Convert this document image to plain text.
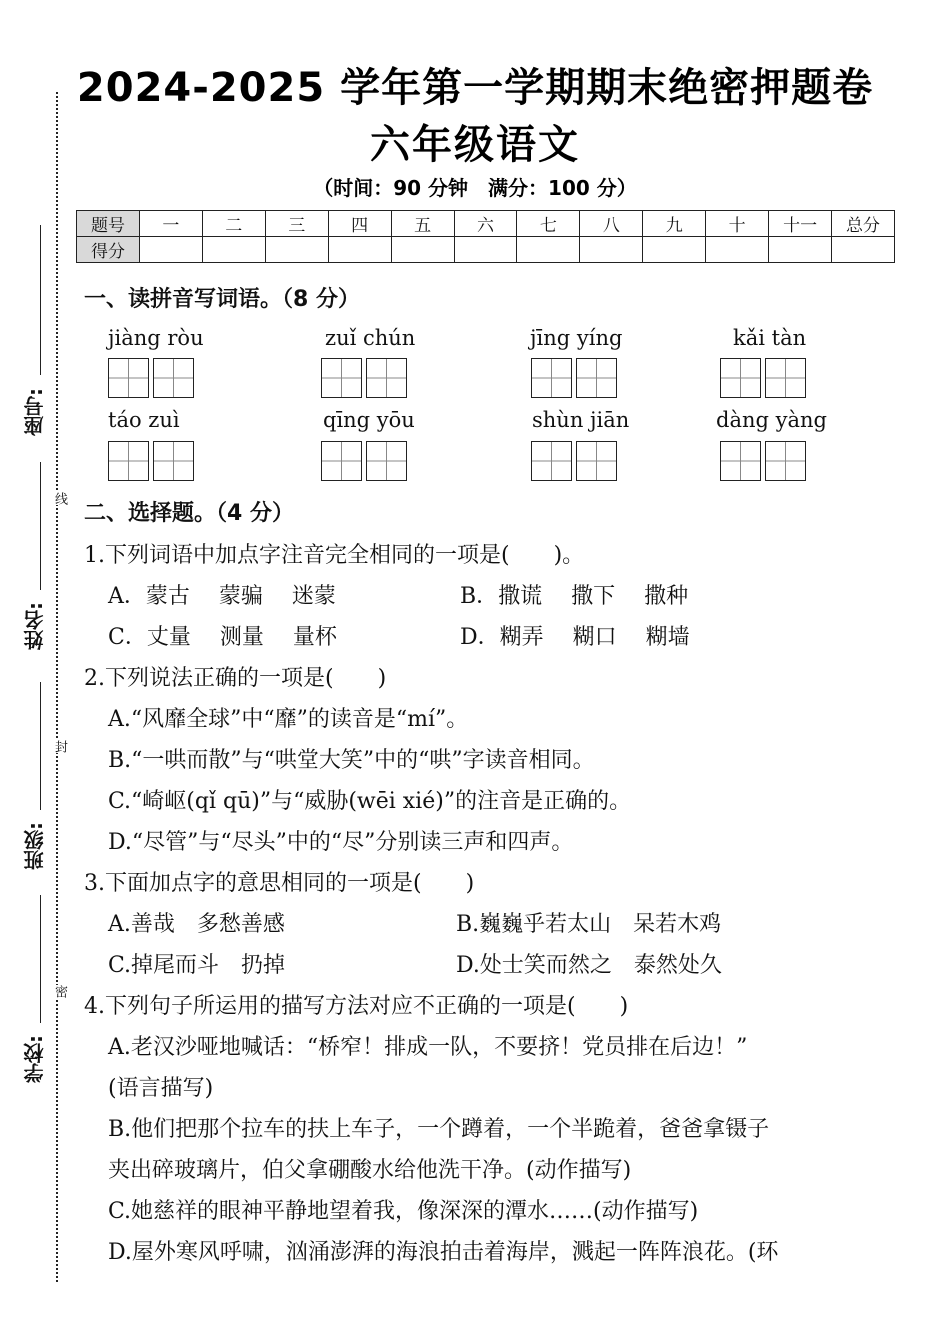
2024-2025 学年第一学期期末绝密押题卷
六年级语文
（时间：90 分钟　满分：100 分）
线
封
密
座号:
姓名:
班级:
学校:
题号	一	二	三	四	五	六	七	八	九	十	十一	总分
得分												
一、读拼音写词语。（8 分）
jiàng ròu	zuǐ chún	jīng yíng	kǎi tàn
táo zuì	qīng yōu	shùn jiān	dàng yàng
二、选择题。（4 分）
1.下列词语中加点字注音完全相同的一项是(　　)。
A．蒙古　 蒙骗　 迷蒙	B．撒谎　 撒下　 撒种
C．丈量　 测量　 量杯	D．糊弄　 糊口　 糊墙
2.下列说法正确的一项是(　　)
A.“风靡全球”中“靡”的读音是“mí”。
B.“一哄而散”与“哄堂大笑”中的“哄”字读音相同。
C.“崎岖(qǐ qū)”与“威胁(wēi xié)”的注音是正确的。
D.“尽管”与“尽头”中的“尽”分别读三声和四声。
3.下面加点字的意思相同的一项是(　　)
A.善哉　多愁善感	B.巍巍乎若太山　呆若木鸡
C.掉尾而斗　扔掉	D.处士笑而然之　泰然处久
4.下列句子所运用的描写方法对应不正确的一项是(　　)
A.老汉沙哑地喊话：“桥窄！排成一队，不要挤！党员排在后边！”
(语言描写)
B.他们把那个拉车的扶上车子，一个蹲着，一个半跪着，爸爸拿镊子
夹出碎玻璃片，伯父拿硼酸水给他洗干净。(动作描写)
C.她慈祥的眼神平静地望着我，像深深的潭水……(动作描写)
D.屋外寒风呼啸，汹涌澎湃的海浪拍击着海岸，溅起一阵阵浪花。(环
